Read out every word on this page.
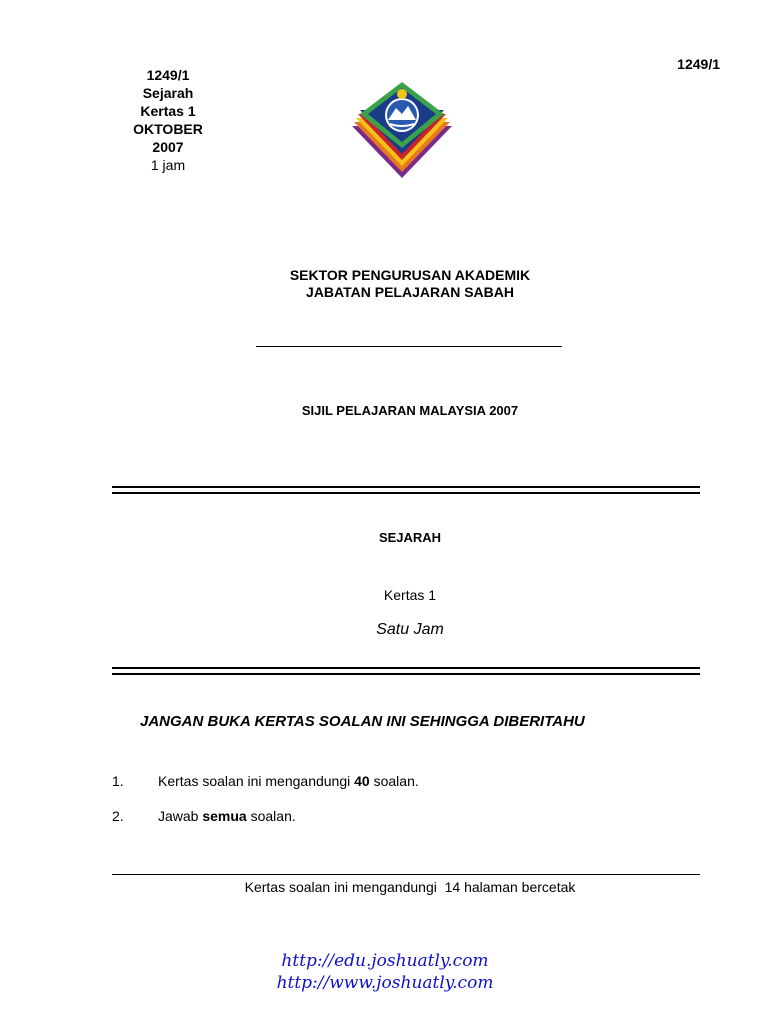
1249/1
1249/1
Sejarah
Kertas 1
OKTOBER
2007
1 jam
SEKTOR PENGURUSAN AKADEMIK
JABATAN PELAJARAN SABAH
SIJIL PELAJARAN MALAYSIA 2007
SEJARAH
Kertas 1
Satu Jam
JANGAN BUKA KERTAS SOALAN INI SEHINGGA DIBERITAHU
1. Kertas soalan ini mengandungi 40 soalan.
2. Jawab semua soalan.
Kertas soalan ini mengandungi  14 halaman bercetak
http://edu.joshuatly.com
http://www.joshuatly.com
